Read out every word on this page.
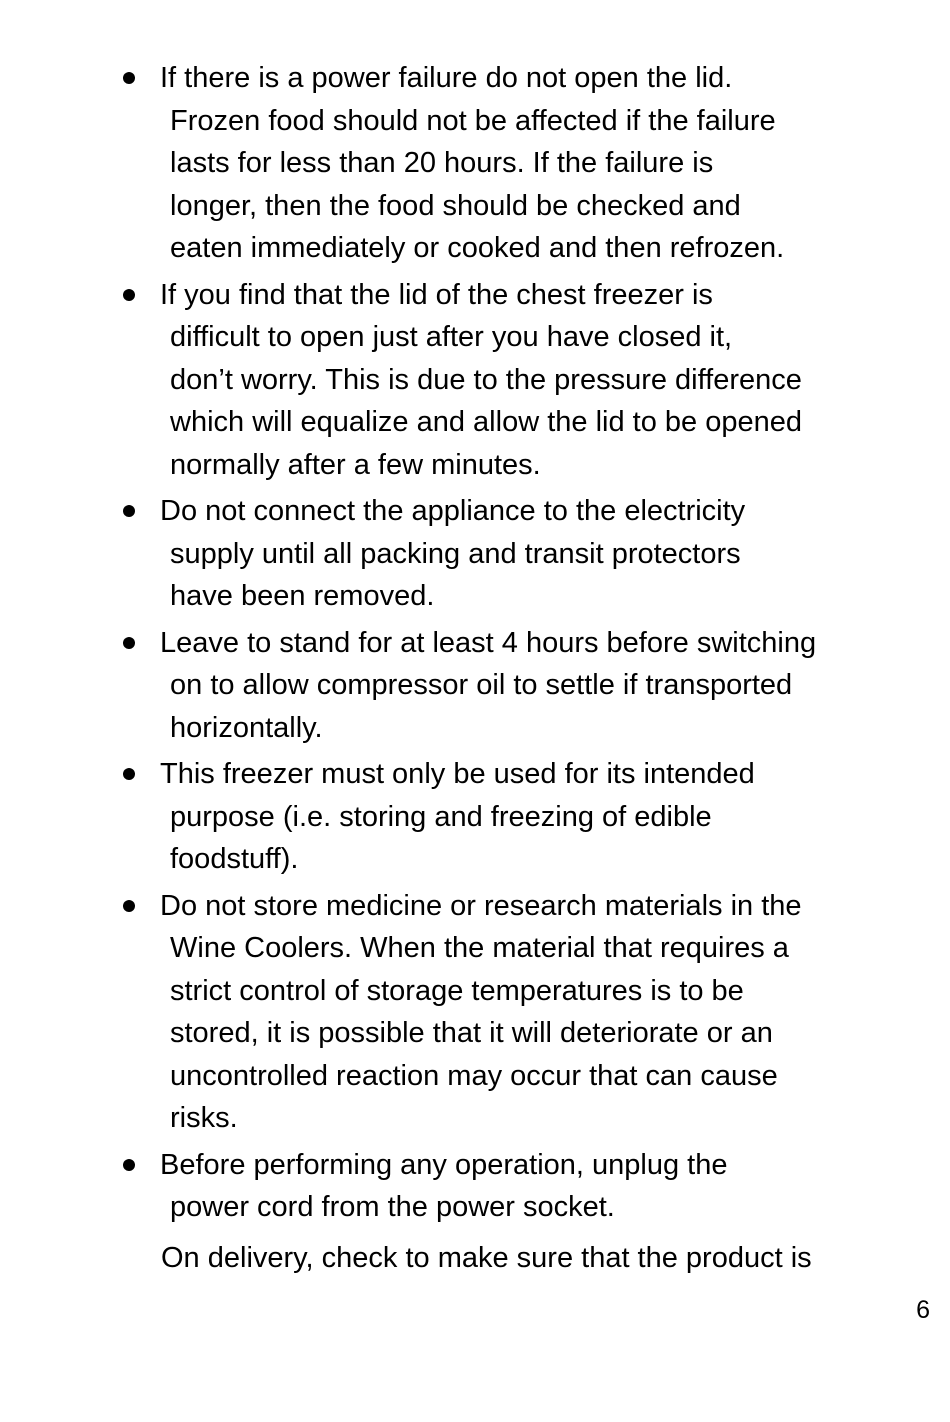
If there is a power failure do not open the lid.
Frozen food should not be affected if the failure
lasts for less than 20 hours. If the failure is
longer, then the food should be checked and
eaten immediately or cooked and then refrozen.
If you find that the lid of the chest freezer is
difficult to open just after you have closed it,
don’t worry. This is due to the pressure difference
which will equalize and allow the lid to be opened
normally after a few minutes.
Do not connect the appliance to the electricity
supply until all packing and transit protectors
have been removed.
Leave to stand for at least 4 hours before switching
on to allow compressor oil to settle if transported
horizontally.
This freezer must only be used for its intended
purpose (i.e. storing and freezing of edible
foodstuff).
Do not store medicine or research materials in the
Wine Coolers. When the material that requires a
strict control of storage temperatures is to be
stored, it is possible that it will deteriorate or an
uncontrolled reaction may occur that can cause
risks.
Before performing any operation, unplug the
power cord from the power socket.
On delivery, check to make sure that the product is
6
